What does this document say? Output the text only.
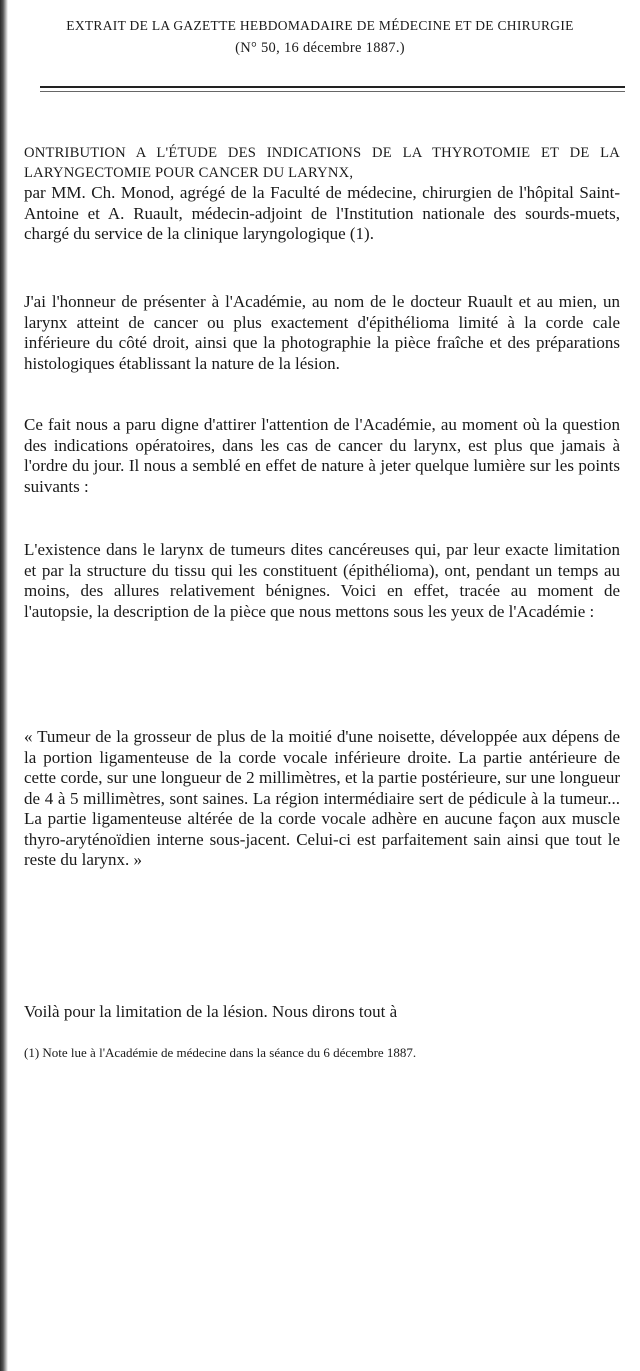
EXTRAIT DE LA GAZETTE HEBDOMADAIRE DE MÉDECINE ET DE CHIRURGIE
(N° 50, 16 décembre 1887.)
ONTRIBUTION A L'ÉTUDE DES INDICATIONS DE LA THYROTOMIE ET DE LA LARYNGECTOMIE POUR CANCER DU LARYNX,
par MM. Ch. Monod, agrégé de la Faculté de médecine, chirurgien de l'hôpital Saint-Antoine et A. Ruault, médecin-adjoint de l'Institution nationale des sourds-muets, chargé du service de la clinique laryngologique (1).

J'ai l'honneur de présenter à l'Académie, au nom de le docteur Ruault et au mien, un larynx atteint de cancer ou plus exactement d'épithélioma limité à la corde cale inférieure du côté droit, ainsi que la photographie la pièce fraîche et des préparations histologiques établissant la nature de la lésion.

Ce fait nous a paru digne d'attirer l'attention de l'Académie, au moment où la question des indications opératoires, dans les cas de cancer du larynx, est plus que jamais à l'ordre du jour. Il nous a semblé en effet de nature à jeter quelque lumière sur les points suivants :

L'existence dans le larynx de tumeurs dites cancéreuses qui, par leur exacte limitation et par la structure du tissu qui les constituent (épithélioma), ont, pendant un temps au moins, des allures relativement bénignes. Voici en effet, tracée au moment de l'autopsie, la description de la pièce que nous mettons sous les yeux de l'Académie :

« Tumeur de la grosseur de plus de la moitié d'une noisette, développée aux dépens de la portion ligamenteuse de la corde vocale inférieure droite. La partie antérieure de cette corde, sur une longueur de 2 millimètres, et la partie postérieure, sur une longueur de 4 à 5 millimètres, sont saines. La région intermédiaire sert de pédicule à la tumeur... La partie ligamenteuse altérée de la corde vocale adhère en aucune façon aux muscle thyro-aryténoïdien interne sous-jacent. Celui-ci est parfaitement sain ainsi que tout le reste du larynx. »

Voilà pour la limitation de la lésion. Nous dirons tout à

(1) Note lue à l'Académie de médecine dans la séance du 6 décembre 1887.
